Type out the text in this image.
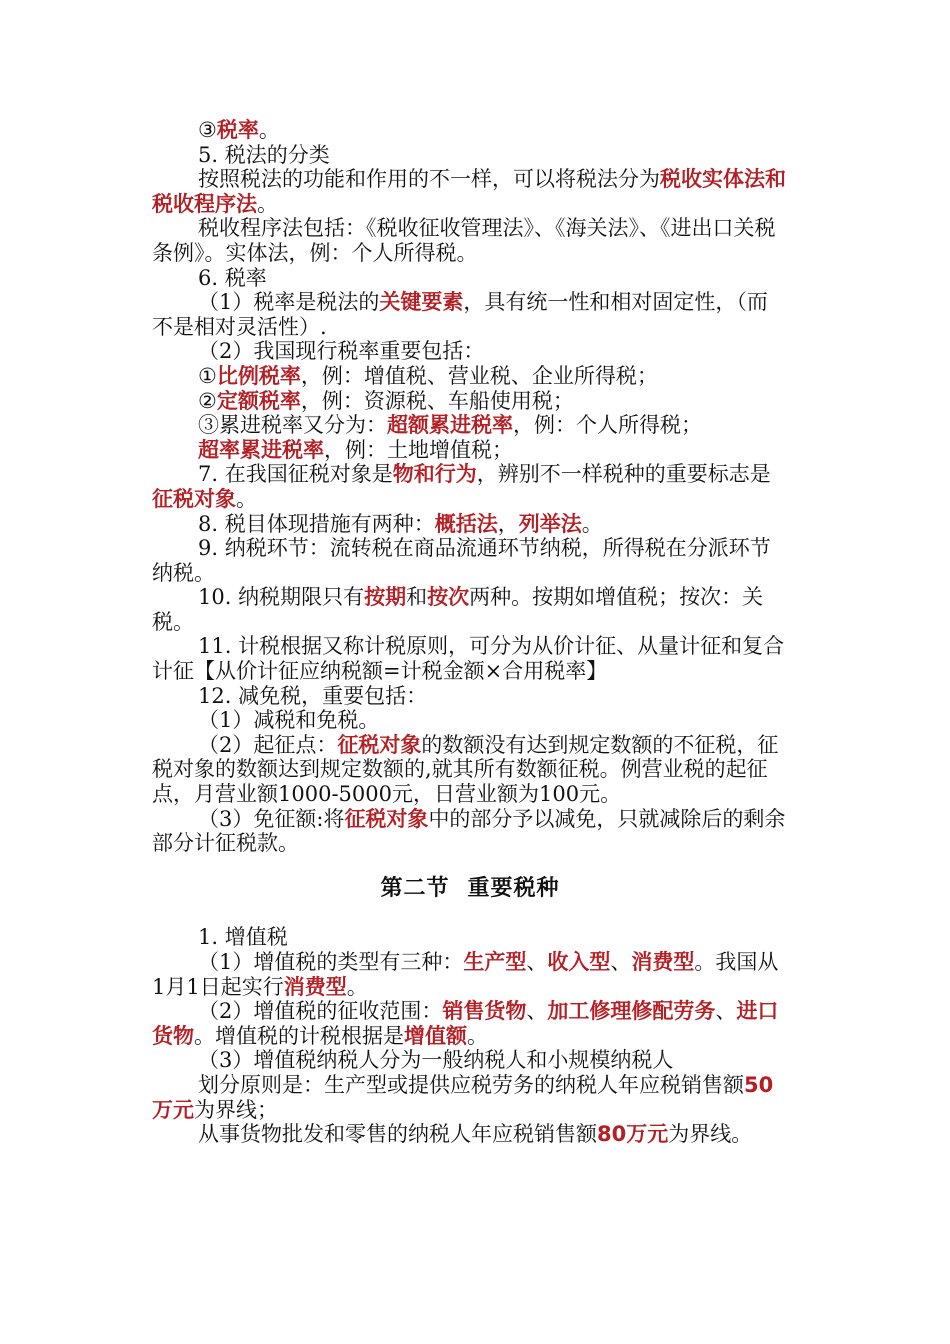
③税率。

5. 税法的分类

按照税法的功能和作用的不一样，可以将税法分为税收实体法和税收程序法。

税收程序法包括：《税收征收管理法》、《海关法》、《进出口关税条例》。实体法，例：个人所得税。

6. 税率

（1）税率是税法的关键要素，具有统一性和相对固定性，（而不是相对灵活性）.

（2）我国现行税率重要包括：

①比例税率，例：增值税、营业税、企业所得税；

②定额税率，例：资源税、车船使用税；

③累进税率又分为：超额累进税率，例：个人所得税；

超率累进税率，例：土地增值税；

7. 在我国征税对象是物和行为，辨别不一样税种的重要标志是征税对象。

8. 税目体现措施有两种：概括法，列举法。

9. 纳税环节：流转税在商品流通环节纳税，所得税在分派环节纳税。

10. 纳税期限只有按期和按次两种。按期如增值税；按次：关税。

11. 计税根据又称计税原则，可分为从价计征、从量计征和复合计征【从价计征应纳税额=计税金额×合用税率】

12. 减免税，重要包括：

（1）减税和免税。

（2）起征点：征税对象的数额没有达到规定数额的不征税，征税对象的数额达到规定数额的,就其所有数额征税。例营业税的起征点，月营业额1000-5000元，日营业额为100元。

（3）免征额:将征税对象中的部分予以减免，只就减除后的剩余部分计征税款。

第二节 重要税种

1. 增值税

（1）增值税的类型有三种：生产型、收入型、消费型。我国从1月1日起实行消费型。

（2）增值税的征收范围：销售货物、加工修理修配劳务、进口货物。增值税的计税根据是增值额。

（3）增值税纳税人分为一般纳税人和小规模纳税人

划分原则是：生产型或提供应税劳务的纳税人年应税销售额50万元为界线；

从事货物批发和零售的纳税人年应税销售额80万元为界线。
